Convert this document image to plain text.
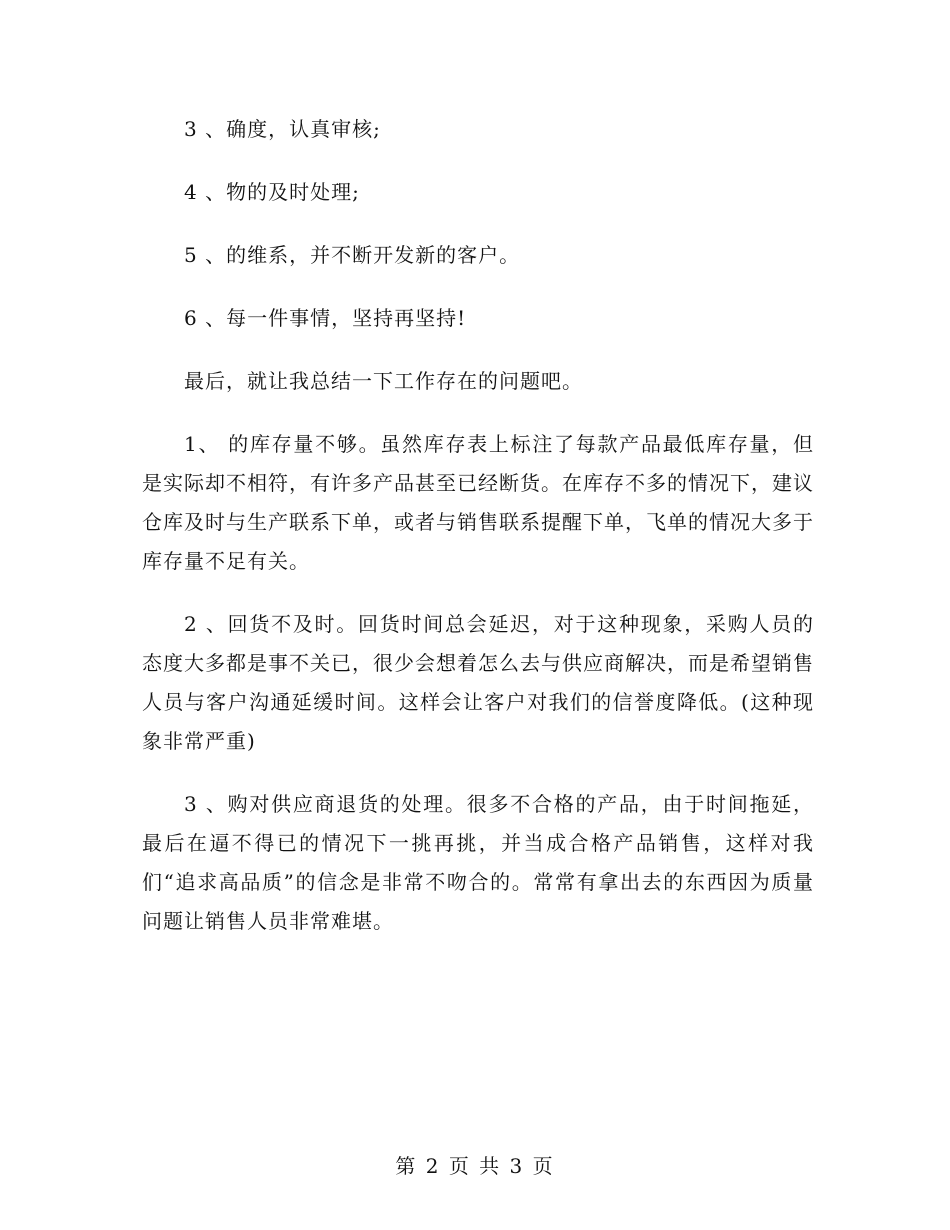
3 、确度，认真审核;

4 、物的及时处理;

5 、的维系，并不断开发新的客户。

6 、每一件事情，坚持再坚持!

最后，就让我总结一下工作存在的问题吧。

1、 的库存量不够。虽然库存表上标注了每款产品最低库存量，但是实际却不相符，有许多产品甚至已经断货。在库存不多的情况下，建议仓库及时与生产联系下单，或者与销售联系提醒下单，飞单的情况大多于库存量不足有关。

2 、回货不及时。回货时间总会延迟，对于这种现象，采购人员的态度大多都是事不关已，很少会想着怎么去与供应商解决，而是希望销售人员与客户沟通延缓时间。这样会让客户对我们的信誉度降低。(这种现象非常严重)

3 、购对供应商退货的处理。很多不合格的产品，由于时间拖延，最后在逼不得已的情况下一挑再挑，并当成合格产品销售，这样对我们“追求高品质”的信念是非常不吻合的。常常有拿出去的东西因为质量问题让销售人员非常难堪。

第 2 页 共 3 页
